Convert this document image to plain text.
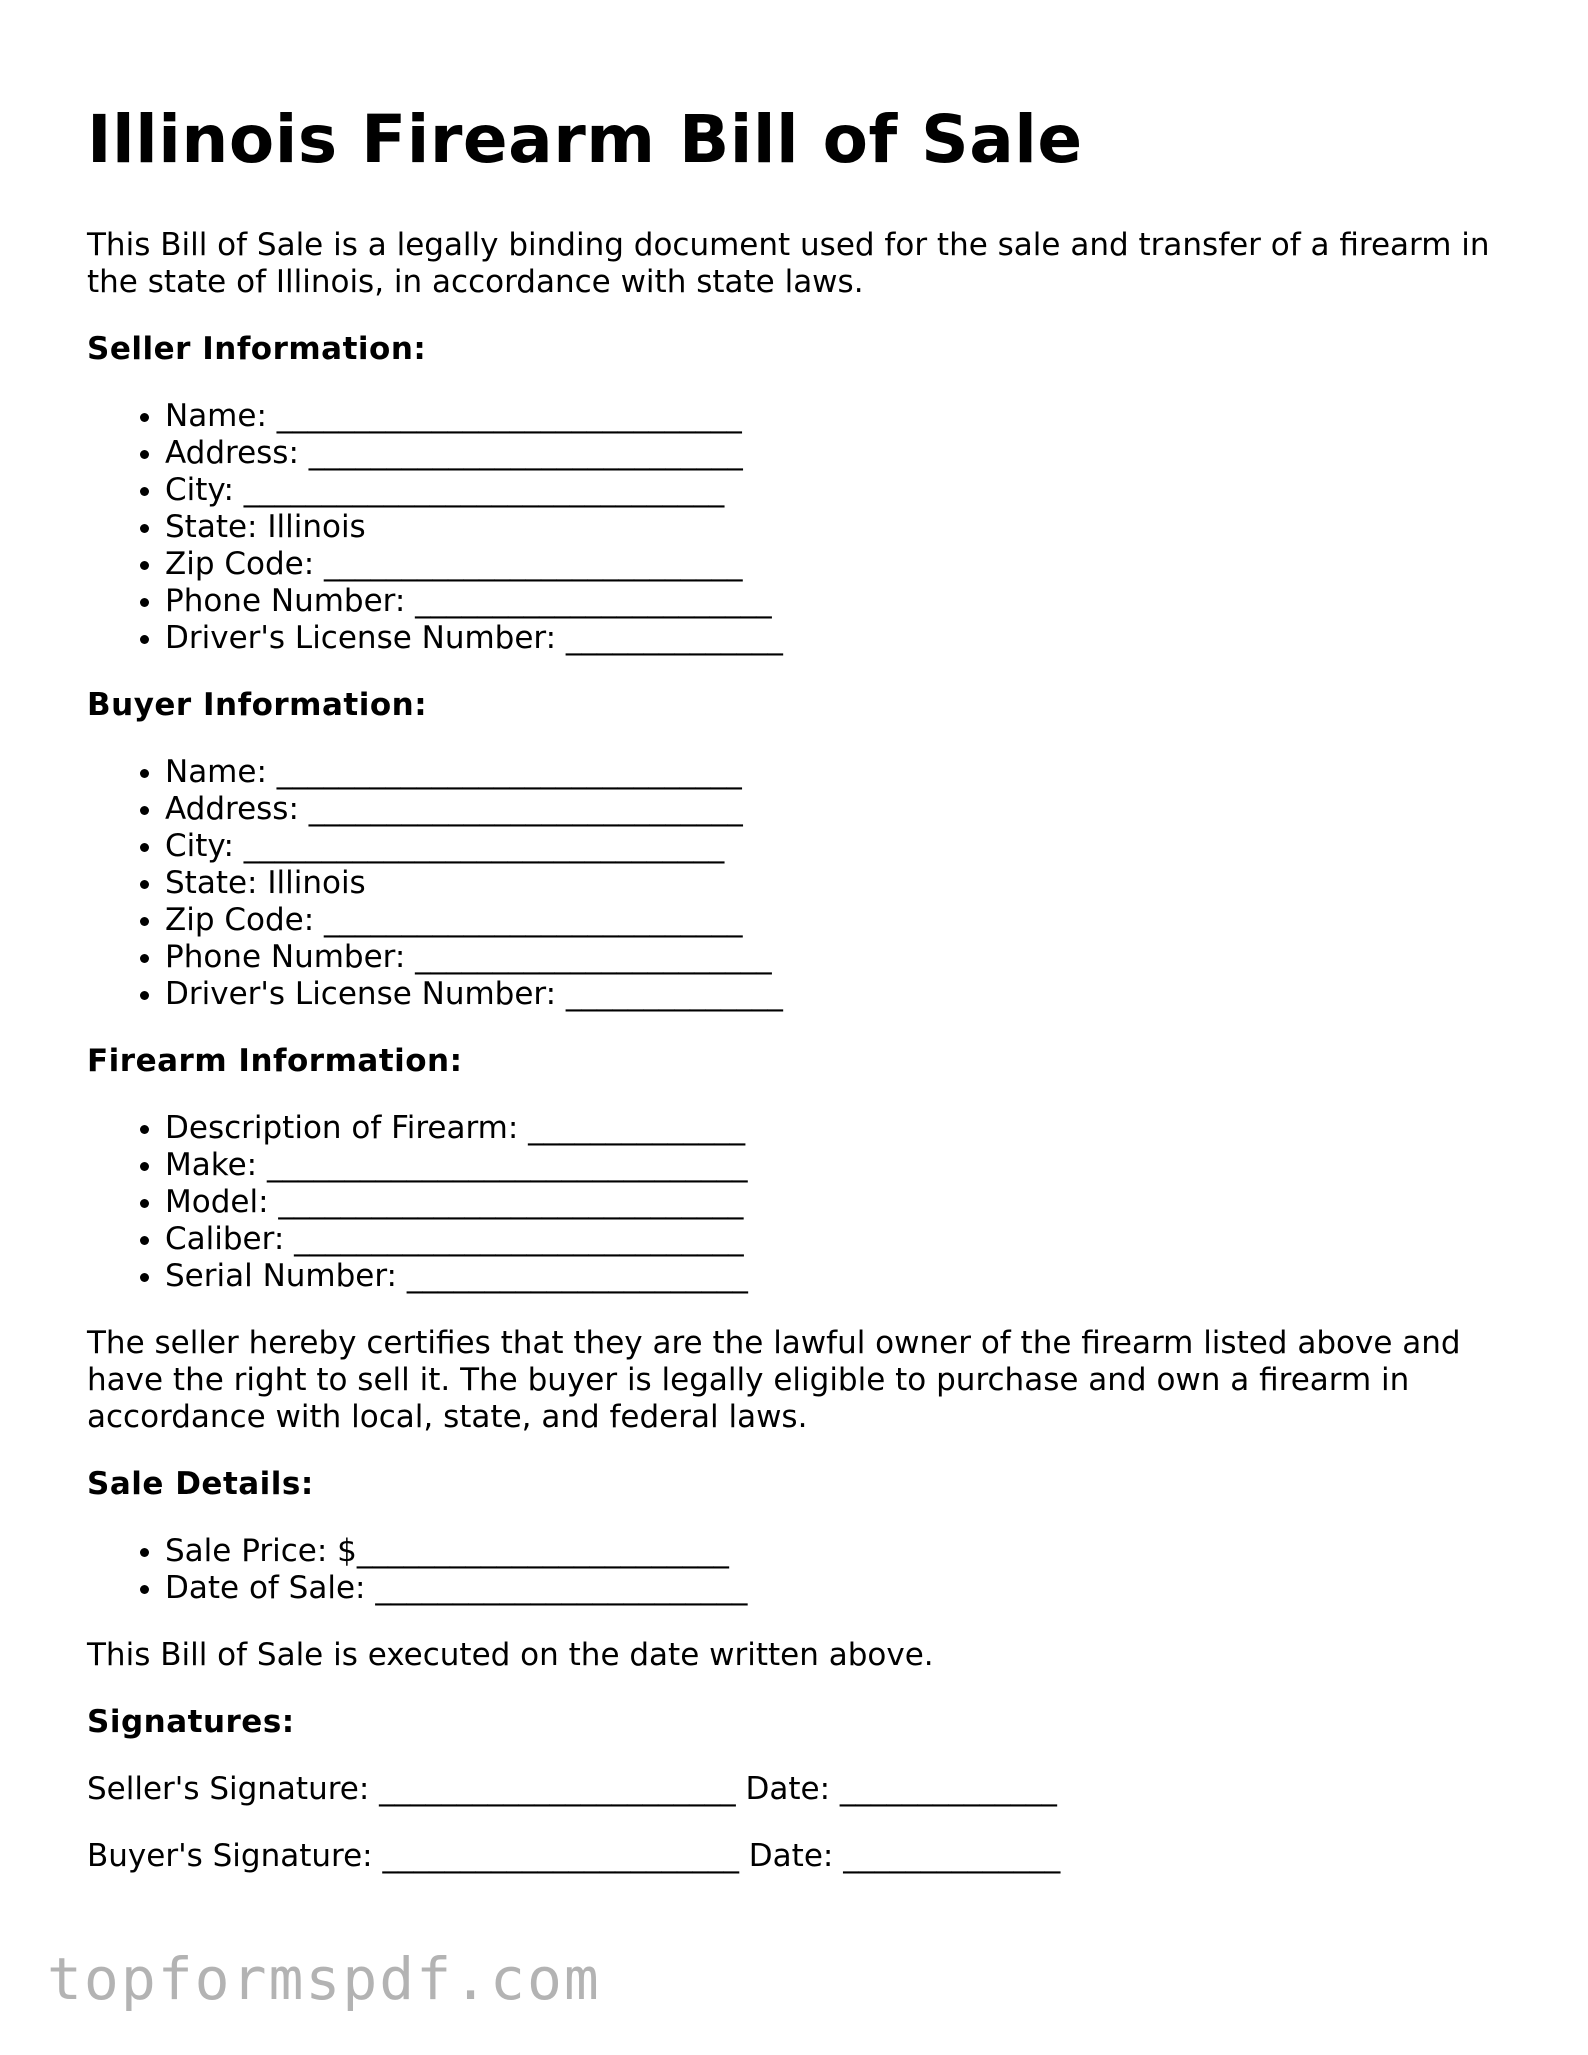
Illinois Firearm Bill of Sale

This Bill of Sale is a legally binding document used for the sale and transfer of a firearm in the state of Illinois, in accordance with state laws.

Seller Information:

• Name: ______________________________
• Address: ____________________________
• City: _______________________________
• State: Illinois
• Zip Code: ___________________________
• Phone Number: _______________________
• Driver's License Number: ______________

Buyer Information:

• Name: ______________________________
• Address: ____________________________
• City: _______________________________
• State: Illinois
• Zip Code: ___________________________
• Phone Number: _______________________
• Driver's License Number: ______________

Firearm Information:

• Description of Firearm: ______________
• Make: _______________________________
• Model: ______________________________
• Caliber: _____________________________
• Serial Number: ______________________

The seller hereby certifies that they are the lawful owner of the firearm listed above and have the right to sell it. The buyer is legally eligible to purchase and own a firearm in accordance with local, state, and federal laws.

Sale Details:

• Sale Price: $________________________
• Date of Sale: ________________________

This Bill of Sale is executed on the date written above.

Signatures:

Seller's Signature: _______________________ Date: ______________

Buyer's Signature: _______________________ Date: ______________

topformspdf.com
